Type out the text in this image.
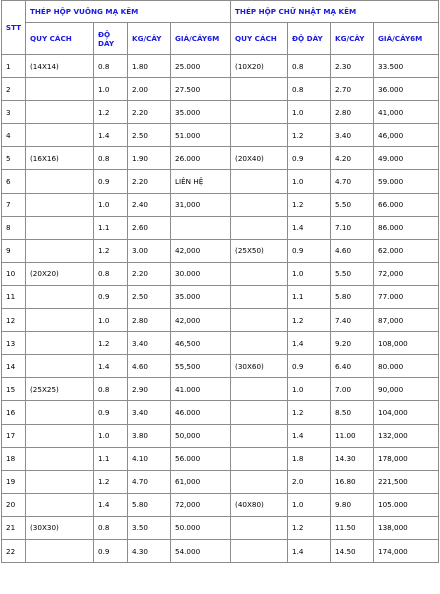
STT	THÉP HỘP VUÔNG MẠ KẼM				THÉP HỘP CHỮ NHẬT MẠ KẼM			
	QUY CÁCH	ĐỘ DÀY	KG/CÂY	GIÁ/CÂY6M	QUY CÁCH	ĐỘ DÀY	KG/CÂY	GIÁ/CÂY6M
1	(14X14)	0.8	1.80	25.000	(10X20)	0.8	2.30	33.500
2		1.0	2.00	27.500		0.8	2.70	36.000
3		1.2	2.20	35.000		1.0	2.80	41,000
4		1.4	2.50	51.000		1.2	3.40	46,000
5	(16X16)	0.8	1.90	26.000	(20X40)	0.9	4.20	49.000
6		0.9	2.20	LIÊN HỆ		1.0	4.70	59.000
7		1.0	2.40	31,000		1.2	5.50	66.000
8		1.1	2.60			1.4	7.10	86.000
9		1.2	3.00	42,000	(25X50)	0.9	4.60	62.000
10	(20X20)	0.8	2.20	30.000		1.0	5.50	72,000
11		0.9	2.50	35.000		1.1	5.80	77.000
12		1.0	2.80	42,000		1.2	7.40	87,000
13		1.2	3.40	46,500		1.4	9.20	108,000
14		1.4	4.60	55,500	(30X60)	0.9	6.40	80.000
15	(25X25)	0.8	2.90	41.000		1.0	7.00	90,000
16		0.9	3.40	46.000		1.2	8.50	104,000
17		1.0	3.80	50,000		1.4	11.00	132,000
18		1.1	4.10	56.000		1.8	14.30	178,000
19		1.2	4.70	61,000		2.0	16.80	221,500
20		1.4	5.80	72,000	(40X80)	1.0	9.80	105.000
21	(30X30)	0.8	3.50	50.000		1.2	11.50	138,000
22		0.9	4.30	54.000		1.4	14.50	174,000
